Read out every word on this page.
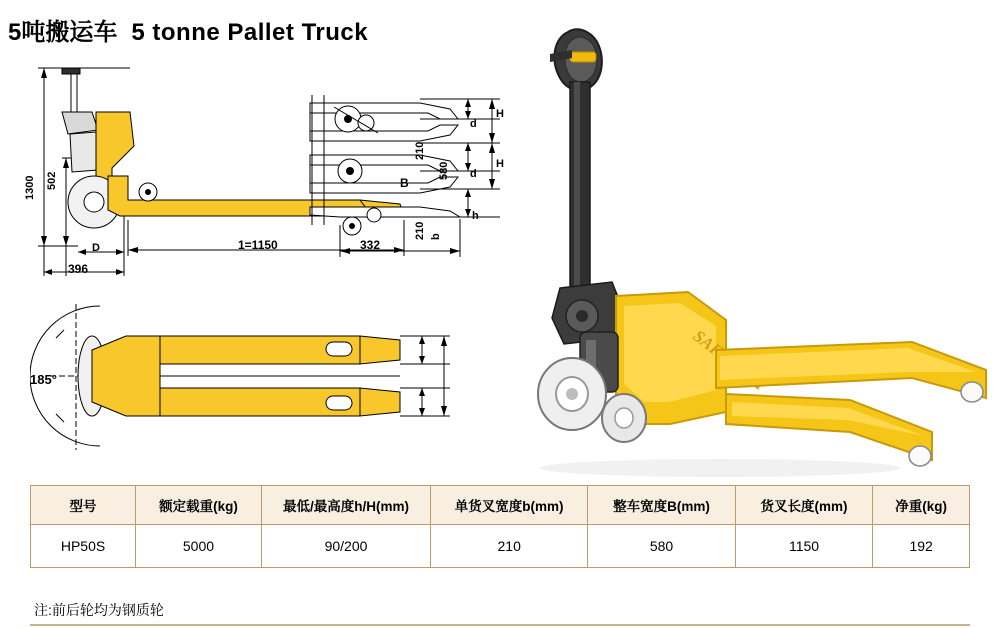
5吨搬运车 5 tonne Pallet Truck
1300 502
D
396
1=1150
d
H
d
H
h
332
185°
210
580
B
210 b
型号	额定载重(kg)	最低/最高度h/H(mm)	单货叉宽度b(mm)	整车宽度B(mm)	货叉长度(mm)	净重(kg)
HP50S	5000	90/200	210	580	1150	192
注:前后轮均为钢质轮
